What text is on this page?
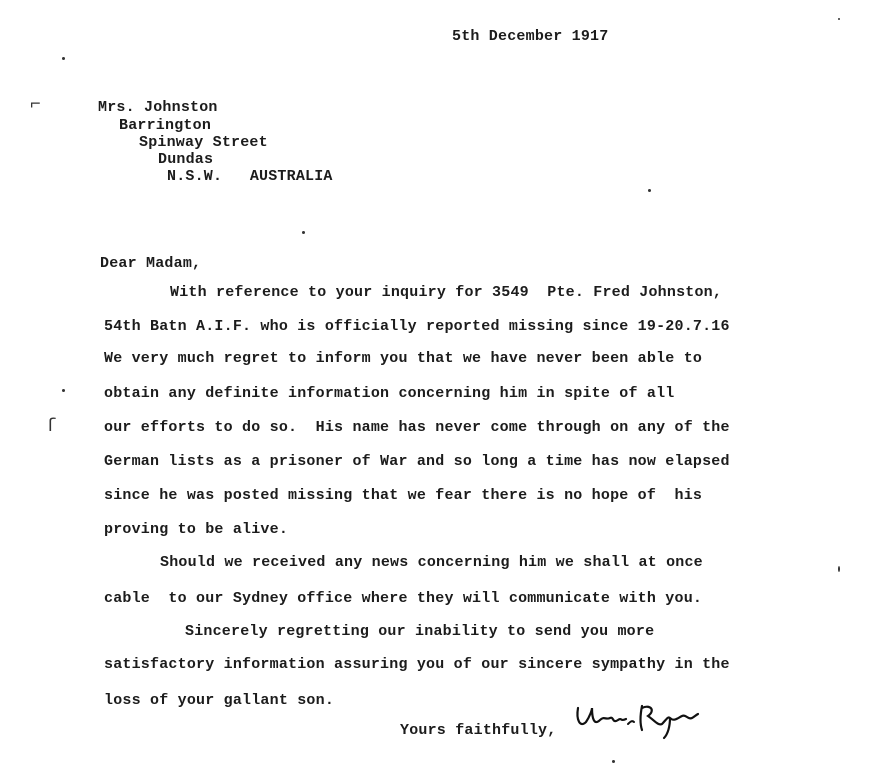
5th December 1917
Mrs. Johnston
Barrington
Spinway Street
Dundas
N.S.W.   AUSTRALIA
Dear Madam,
With reference to your inquiry for 3549  Pte. Fred Johnston,
54th Batn A.I.F. who is officially reported missing since 19-20.7.16
We very much regret to inform you that we have never been able to
obtain any definite information concerning him in spite of all
our efforts to do so.  His name has never come through on any of the
German lists as a prisoner of War and so long a time has now elapsed
since he was posted missing that we fear there is no hope of  his
proving to be alive.
Should we received any news concerning him we shall at once
cable  to our Sydney office where they will communicate with you.
Sincerely regretting our inability to send you more
satisfactory information assuring you of our sincere sympathy in the
loss of your gallant son.
Yours faithfully,
⌐
ſ
